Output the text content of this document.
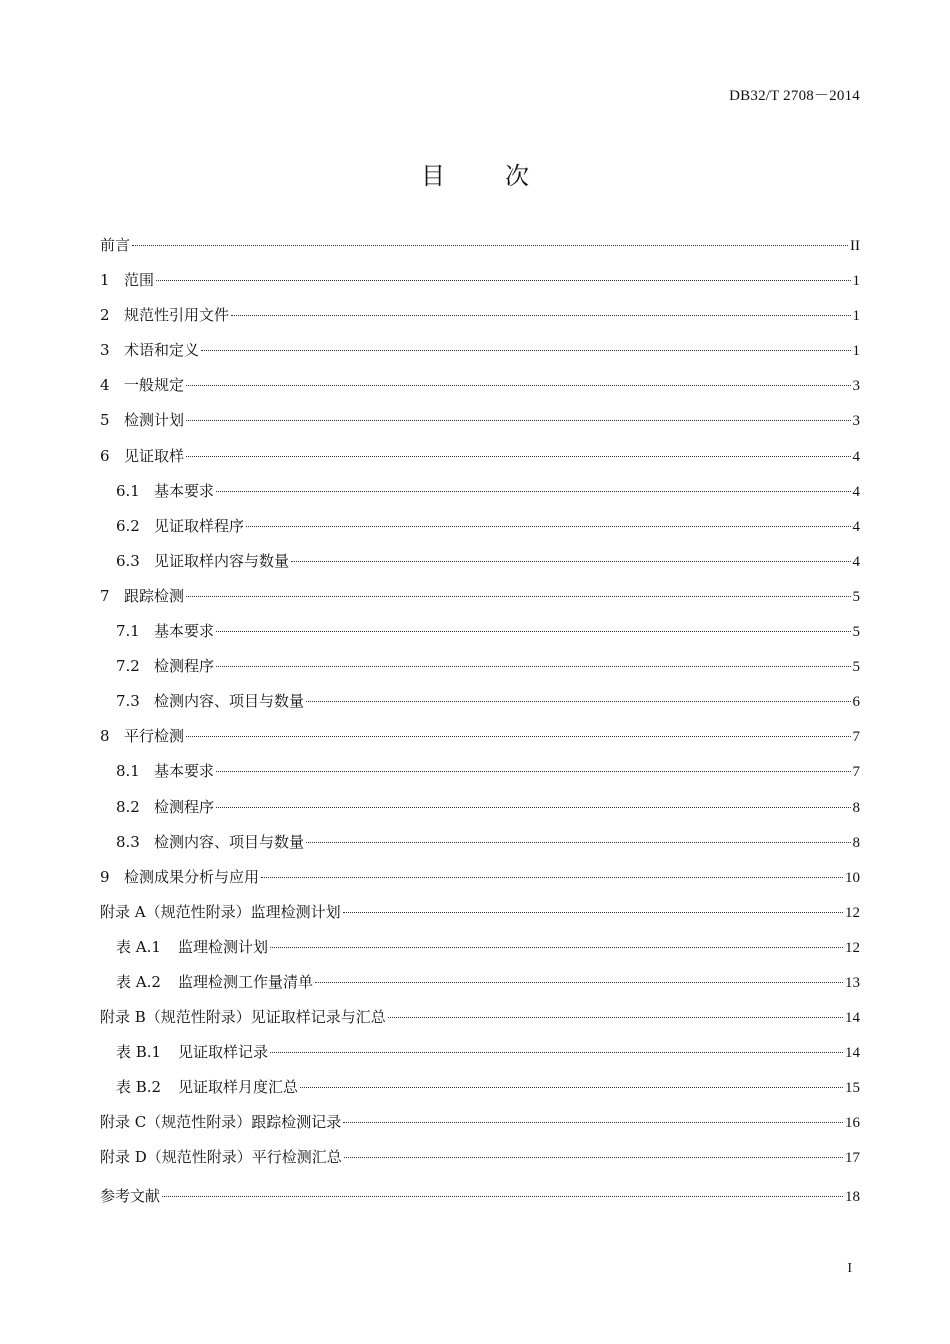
DB32/T 2708－2014
目	次
前言	II
1 范围	1
2 规范性引用文件	1
3 术语和定义	1
4 一般规定	3
5 检测计划	3
6 见证取样	4
6.1 基本要求	4
6.2 见证取样程序	4
6.3 见证取样内容与数量	4
7 跟踪检测	5
7.1 基本要求	5
7.2 检测程序	5
7.3 检测内容、项目与数量	6
8 平行检测	7
8.1 基本要求	7
8.2 检测程序	8
8.3 检测内容、项目与数量	8
9 检测成果分析与应用	10
附录 A（规范性附录）监理检测计划	12
表 A.1	监理检测计划	12
表 A.2	监理检测工作量清单	13
附录 B（规范性附录）见证取样记录与汇总	14
表 B.1	见证取样记录	14
表 B.2	见证取样月度汇总	15
附录 C（规范性附录）跟踪检测记录	16
附录 D（规范性附录）平行检测汇总	17
参考文献	18
I
